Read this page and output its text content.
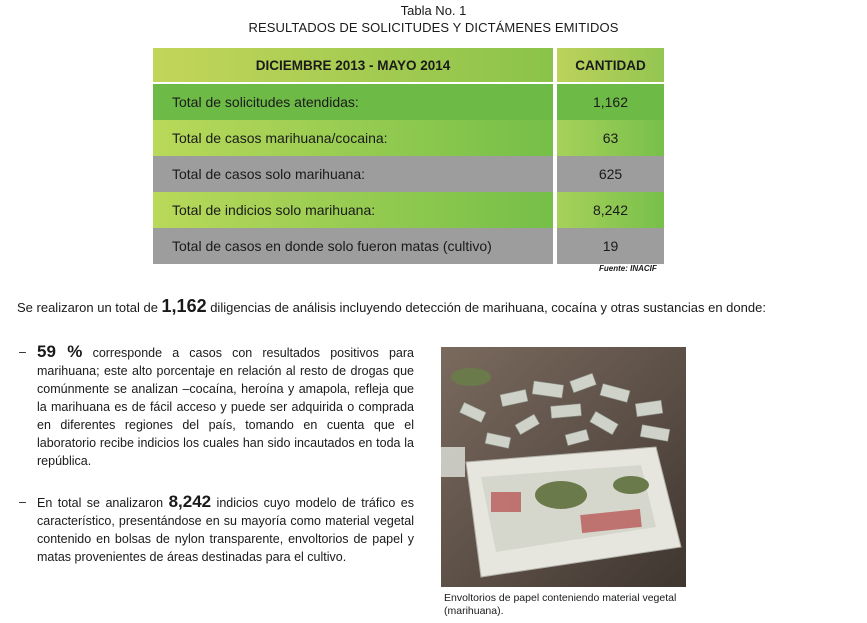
Tabla No. 1
RESULTADOS DE SOLICITUDES Y DICTÁMENES EMITIDOS
DICIEMBRE 2013 - MAYO 2014	CANTIDAD
Total de solicitudes atendidas:	1,162
Total de casos marihuana/cocaina:	63
Total de casos solo marihuana:	625
Total de indicios solo marihuana:	8,242
Total de casos en donde solo fueron matas (cultivo)	19
Fuente: INACIF
Se realizaron un total de 1,162 diligencias de análisis incluyendo detección de marihuana, cocaína y otras sustancias en donde:
– 59 % corresponde a casos con resultados positivos para marihuana; este alto porcentaje en relación al resto de drogas que comúnmente se analizan –cocaína, heroína y amapola, refleja que la marihuana es de fácil acceso y puede ser adquirida o comprada en diferentes regiones del país, tomando en cuenta que el laboratorio recibe indicios los cuales han sido incautados en toda la república.
– En total se analizaron 8,242 indicios cuyo modelo de tráfico es característico, presentándose en su mayoría como material vegetal contenido en bolsas de nylon transparente, envoltorios de papel y matas provenientes de áreas destinadas para el cultivo.
Envoltorios de papel conteniendo material vegetal (marihuana).
